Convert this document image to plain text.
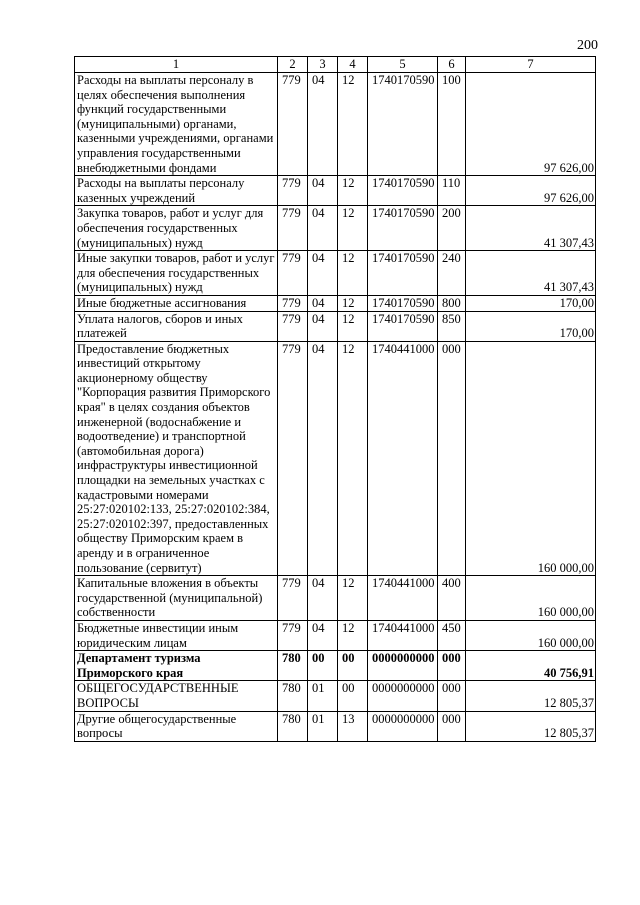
200
1	2	3	4	5	6	7
Расходы на выплаты персоналу в целях обеспечения выполнения функций государственными (муниципальными) органами, казенными учреждениями, органами управления государственными внебюджетными фондами	779	04	12	1740170590	100	97 626,00
Расходы на выплаты персоналу казенных учреждений	779	04	12	1740170590	110	97 626,00
Закупка товаров, работ и услуг для обеспечения государственных (муниципальных) нужд	779	04	12	1740170590	200	41 307,43
Иные закупки товаров, работ и услуг для обеспечения государственных (муниципальных) нужд	779	04	12	1740170590	240	41 307,43
Иные бюджетные ассигнования	779	04	12	1740170590	800	170,00
Уплата налогов, сборов и иных платежей	779	04	12	1740170590	850	170,00
Предоставление бюджетных инвестиций открытому акционерному обществу "Корпорация развития Приморского края" в целях создания объектов инженерной (водоснабжение и водоотведение) и транспортной (автомобильная дорога) инфраструктуры инвестиционной площадки на земельных участках с кадастровыми номерами 25:27:020102:133, 25:27:020102:384, 25:27:020102:397, предоставленных обществу Приморским краем в аренду и в ограниченное пользование (сервитут)	779	04	12	1740441000	000	160 000,00
Капитальные вложения в объекты государственной (муниципальной) собственности	779	04	12	1740441000	400	160 000,00
Бюджетные инвестиции иным юридическим лицам	779	04	12	1740441000	450	160 000,00
Департамент туризма Приморского края	780	00	00	0000000000	000	40 756,91
ОБЩЕГОСУДАРСТВЕННЫЕ ВОПРОСЫ	780	01	00	0000000000	000	12 805,37
Другие общегосударственные вопросы	780	01	13	0000000000	000	12 805,37
